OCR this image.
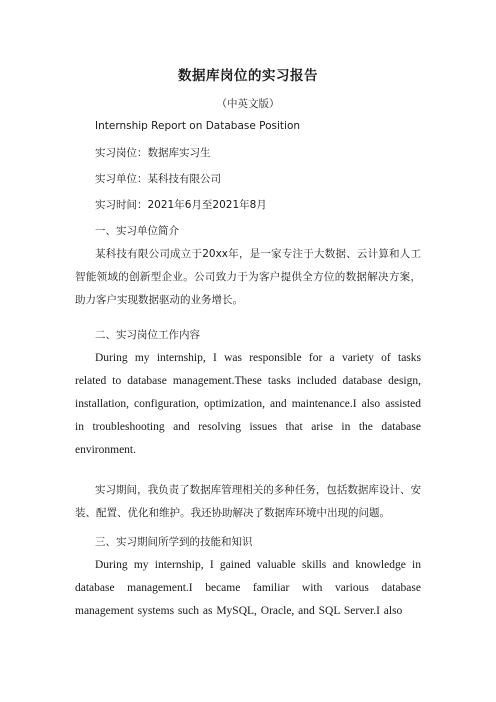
数据库岗位的实习报告
（中英文版）
Internship Report on Database Position
实习岗位：数据库实习生
实习单位：某科技有限公司
实习时间：2021年6月至2021年8月
一、实习单位简介
某科技有限公司成立于20xx年，是一家专注于大数据、云计算和人工智能领域的创新型企业。公司致力于为客户提供全方位的数据解决方案，助力客户实现数据驱动的业务增长。
二、实习岗位工作内容
During my internship, I was responsible for a variety of tasks related to database management.These tasks included database design, installation, configuration, optimization, and maintenance.I also assisted in troubleshooting and resolving issues that arise in the database environment.
实习期间，我负责了数据库管理相关的多种任务，包括数据库设计、安装、配置、优化和维护。我还协助解决了数据库环境中出现的问题。
三、实习期间所学到的技能和知识
During my internship, I gained valuable skills and knowledge in database management.I became familiar with various database management systems such as MySQL, Oracle, and SQL Server.I also
